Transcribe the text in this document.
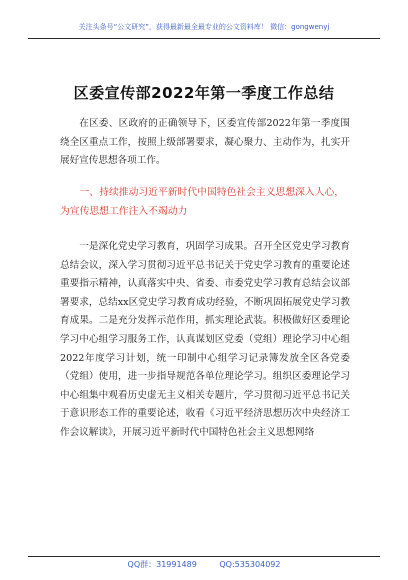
关注头条号“公文研究”，获得最新最全最专业的公文资料库！ 微信：gongwenyj
区委宣传部2022年第一季度工作总结

在区委、区政府的正确领导下，区委宣传部2022年第一季度围绕全区重点工作，按照上级部署要求，凝心聚力、主动作为，扎实开展好宣传思想各项工作。

一、持续推动习近平新时代中国特色社会主义思想深入人心，为宣传思想工作注入不竭动力

一是深化党史学习教育，巩固学习成果。召开全区党史学习教育总结会议，深入学习贯彻习近平总书记关于党史学习教育的重要论述重要指示精神，认真落实中央、省委、市委党史学习教育总结会议部署要求，总结xx区党史学习教育成功经验，不断巩固拓展党史学习教育成果。二是充分发挥示范作用，抓实理论武装。积极做好区委理论学习中心组学习服务工作，认真谋划区党委（党组）理论学习中心组2022年度学习计划，统一印制中心组学习记录簿发放全区各党委（党组）使用，进一步指导规范各单位理论学习。组织区委理论学习中心组集中观看历史虚无主义相关专题片，学习贯彻习近平总书记关于意识形态工作的重要论述，收看《习近平经济思想历次中央经济工作会议解读》，开展习近平新时代中国特色社会主义思想网络

QQ群：31991489	QQ:535304092
